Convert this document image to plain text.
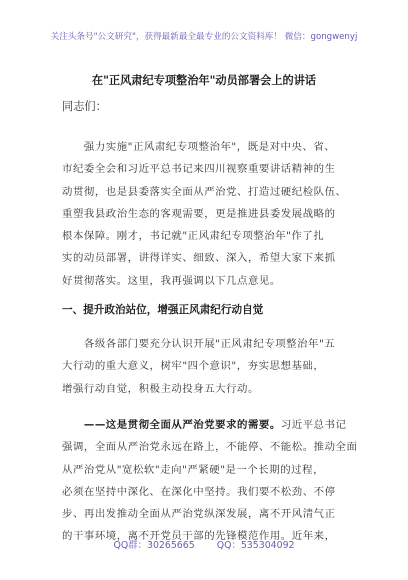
关注头条号"公文研究"，获得最新最全最专业的公文资料库！ 微信：gongwenyj
在"正风肃纪专项整治年"动员部署会上的讲话
同志们：
　　强力实施"正风肃纪专项整治年"，既是对中央、省、
市纪委全会和习近平总书记来四川视察重要讲话精神的生
动贯彻，也是县委落实全面从严治党、打造过硬纪检队伍、
重塑我县政治生态的客观需要，更是推进县委发展战略的
根本保障。刚才，书记就"正风肃纪专项整治年"作了扎
实的动员部署，讲得详实、细致、深入，希望大家下来抓
好贯彻落实。这里，我再强调以下几点意见。
一、提升政治站位，增强正风肃纪行动自觉
　　各级各部门要充分认识开展"正风肃纪专项整治年"五
大行动的重大意义，树牢"四个意识"，夯实思想基础，
增强行动自觉，积极主动投身五大行动。
　　——这是贯彻全面从严治党要求的需要。习近平总书记
强调，全面从严治党永远在路上，不能停、不能松。推动全面
从严治党从"宽松软"走向"严紧硬"是一个长期的过程，
必须在坚持中深化、在深化中坚持。我们要不松劲、不停
步、再出发推动全面从严治党纵深发展，离不开风清气正
的干事环境，离不开党员干部的先锋模范作用。近年来，
QQ群：30265665 QQ：535304092
